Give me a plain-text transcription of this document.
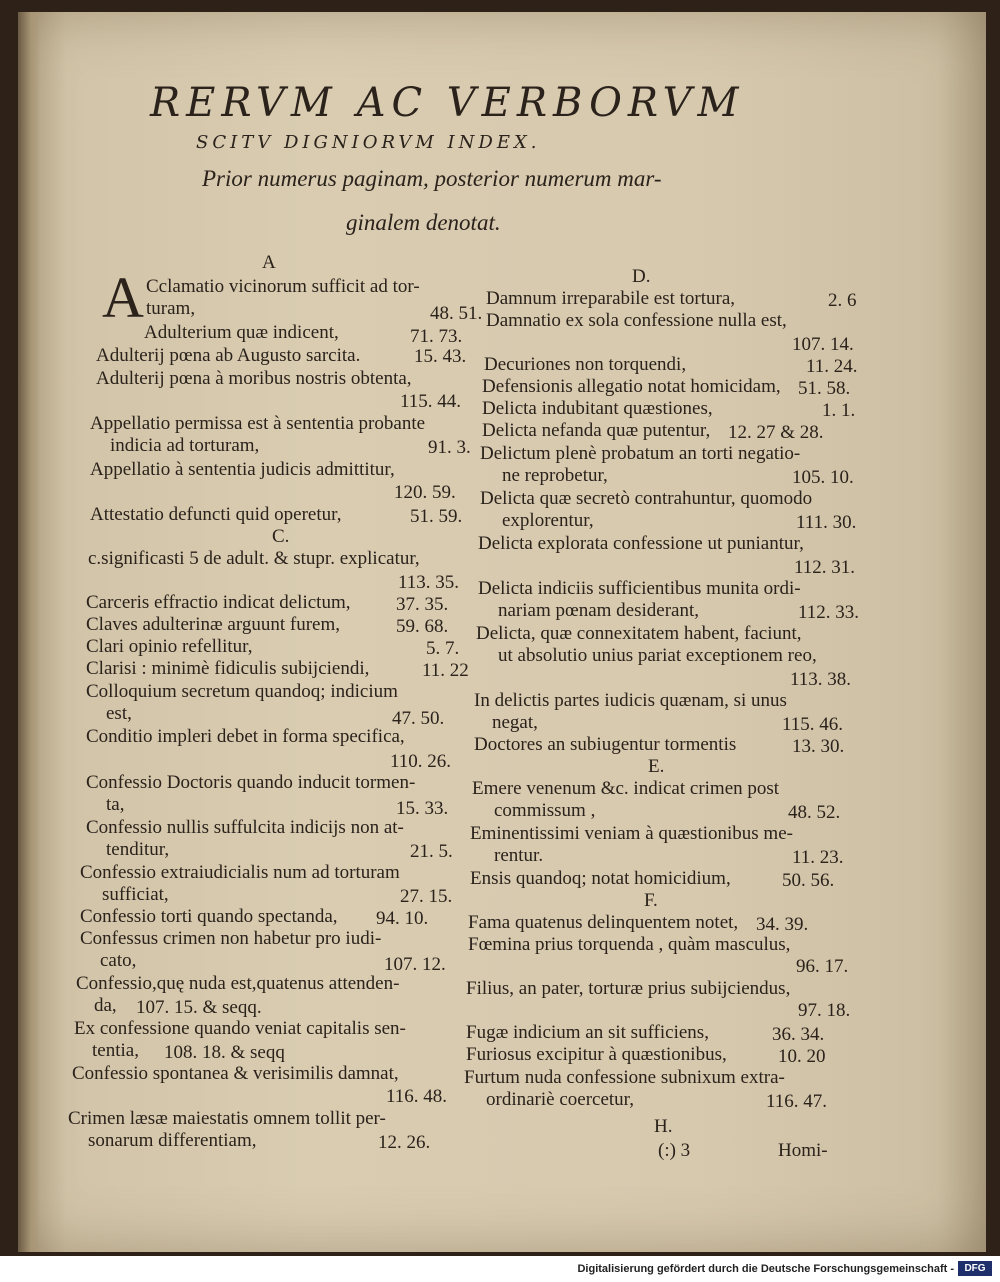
RERVM AC VERBORVM
SCITV DIGNIORVM INDEX.
Prior numerus paginam, posterior numerum mar-
ginalem denotat.
A
A Cclamatio vicinorum sufficit ad tor-
turam,	48. 51.
Adulterium quæ indicent,	71. 73.
Adulterij pœna ab Augusto sarcita.	15. 43.
Adulterij pœna à moribus nostris obtenta,
115. 44.
Appellatio permissa est à sententia probante
indicia ad torturam,	91. 3.
Appellatio à sententia judicis admittitur,
120. 59.
Attestatio defuncti quid operetur,	51. 59.
C.
c.significasti 5 de adult. & stupr. explicatur,
113. 35.
Carceris effractio indicat delictum, 37. 35.
Claves adulterinæ arguunt furem,	59. 68.
Clari opinio refellitur,	5. 7.
Clarisi : minimè fidiculis subijciendi,	11. 22
Colloquium secretum quandoq; indicium
est,	47. 50.
Conditio impleri debet in forma specifica,
110. 26.
Confessio Doctoris quando inducit tormen-
ta,	15. 33.
Confessio nullis suffulcita indicijs non at-
tenditur,	21. 5.
Confessio extraiudicialis num ad torturam
sufficiat,	27. 15.
Confessio torti quando spectanda, 94. 10.
Confessus crimen non habetur pro iudi-
cato,	107. 12.
Confessio,quę nuda est,quatenus attenden-
da, 107. 15. & seqq.
Ex confessione quando veniat capitalis sen-
tentia, 108. 18. & seqq
Confessio spontanea & verisimilis damnat,
116. 48.
Crimen læsæ maiestatis omnem tollit per-
sonarum differentiam,	12. 26.
D.
Damnum irreparabile est tortura,	2. 6
Damnatio ex sola confessione nulla est,
107. 14.
Decuriones non torquendi,	11. 24.
Defensionis allegatio notat homicidam, 51. 58.
Delicta indubitant quæstiones,	1. 1.
Delicta nefanda quæ putentur, 12. 27 & 28.
Delictum plenè probatum an torti negatio-
ne reprobetur,	105. 10.
Delicta quæ secretò contrahuntur, quomodo
explorentur,	111. 30.
Delicta explorata confessione ut puniantur,
112. 31.
Delicta indiciis sufficientibus munita ordi-
nariam pœnam desiderant,	112. 33.
Delicta, quæ connexitatem habent, faciunt,
ut absolutio unius pariat exceptionem reo,
113. 38.
In delictis partes iudicis quænam, si unus
negat,	115. 46.
Doctores an subiugentur tormentis	13. 30.
E.
Emere venenum &c. indicat crimen post
commissum ,	48. 52.
Eminentissimi veniam à quæstionibus me-
rentur.	11. 23.
Ensis quandoq; notat homicidium,	50. 56.
F.
Fama quatenus delinquentem notet, 34. 39.
Fœmina prius torquenda , quàm masculus,
96. 17.
Filius, an pater, torturæ prius subijciendus,
97. 18.
Fugæ indicium an sit sufficiens,	36. 34.
Furiosus excipitur à quæstionibus,	10. 20
Furtum nuda confessione subnixum extra-
ordinariè coercetur,	116. 47.
H.
(:) 3	Homi-
Digitalisierung gefördert durch die Deutsche Forschungsgemeinschaft -	DFG
